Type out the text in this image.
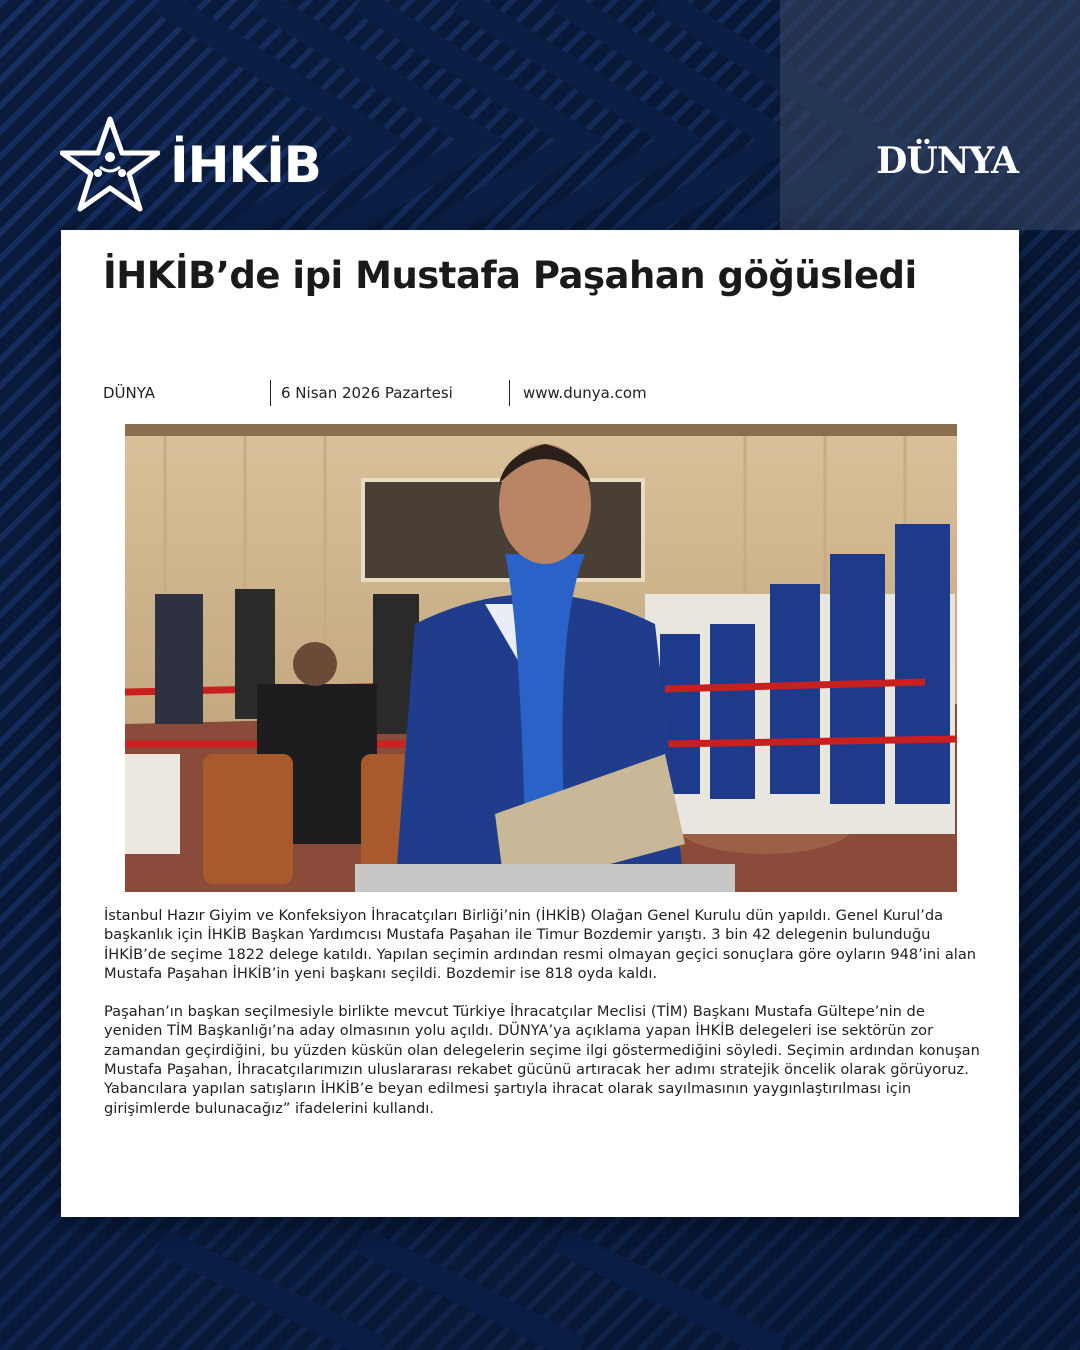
İHKİB	DÜNYA
İHKİB’de ipi Mustafa Paşahan göğüsledi
DÜNYA	6 Nisan 2026 Pazartesi	www.dunya.com

İstanbul Hazır Giyim ve Konfeksiyon İhracatçıları Birliği’nin (İHKİB) Olağan Genel Kurulu dün yapıldı. Genel Kurul’da başkanlık için İHKİB Başkan Yardımcısı Mustafa Paşahan ile Timur Bozdemir yarıştı. 3 bin 42 delegenin bulunduğu İHKİB’de seçime 1822 delege katıldı. Yapılan seçimin ardından resmi olmayan geçici sonuçlara göre oyların 948’ini alan Mustafa Paşahan İHKİB’in yeni başkanı seçildi. Bozdemir ise 818 oyda kaldı.

Paşahan’ın başkan seçilmesiyle birlikte mevcut Türkiye İhracatçılar Meclisi (TİM) Başkanı Mustafa Gültepe’nin de yeniden TİM Başkanlığı’na aday olmasının yolu açıldı. DÜNYA’ya açıklama yapan İHKİB delegeleri ise sektörün zor zamandan geçirdiğini, bu yüzden küskün olan delegelerin seçime ilgi göstermediğini söyledi. Seçimin ardından konuşan Mustafa Paşahan, İhracatçılarımızın uluslararası rekabet gücünü artıracak her adımı stratejik öncelik olarak görüyoruz. Yabancılara yapılan satışların İHKİB’e beyan edilmesi şartıyla ihracat olarak sayılmasının yaygınlaştırılması için girişimlerde bulunacağız” ifadelerini kullandı.
